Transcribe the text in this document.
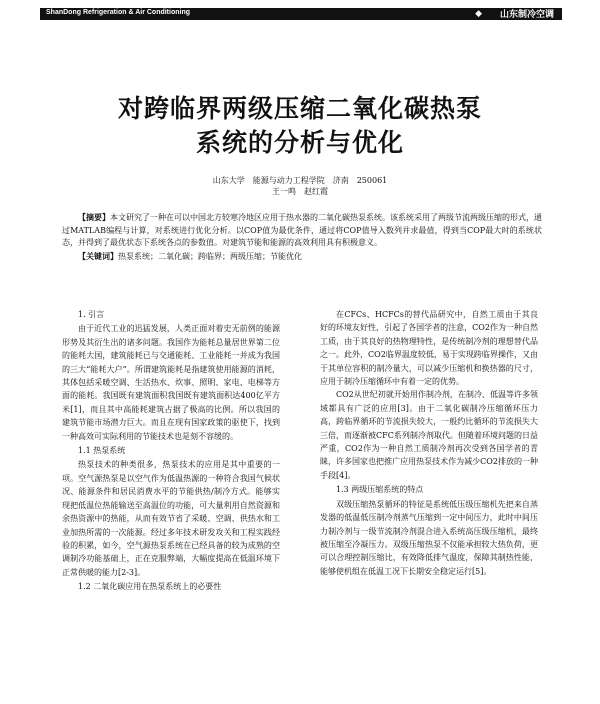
ShanDong Refrigeration & Air Conditioning	◆ 山东制冷空调
对跨临界两级压缩二氧化碳热泵
系统的分析与优化
山东大学　能源与动力工程学院　济南　250061
王一鸣　赵红霞

【摘要】本文研究了一种在可以中国北方较寒冷地区应用于热水器的二氧化碳热泵系统。该系统采用了两级节流两级压缩的形式，通过MATLAB编程与计算，对系统进行优化分析。以COP值为最优条件，通过将COP值导入数列并求最值，得到当COP最大时的系统状态，并得到了最优状态下系统各点的参数值。对建筑节能和能源的高效利用具有积极意义。

【关键词】热泵系统；二氧化碳；跨临界；两级压缩；节能优化

1. 引言

由于近代工业的迅猛发展，人类正面对着史无前例的能源形势及其衍生出的诸多问题。我国作为能耗总量居世界第二位的能耗大国，建筑能耗已与交通能耗、工业能耗一并成为我国的三大“能耗大户”。所谓建筑能耗是指建筑使用能源的消耗，其体包括采暖空调、生活热水、炊事、照明、家电、电梯等方面的能耗。我国既有建筑面积我国既有建筑面积达400亿平方米[1]，而且其中高能耗建筑占据了极高的比例。所以我国的建筑节能市场潜力巨大。而且在现有国家政策的驱使下，找到一种高效可实际利用的节能技术也是刻不容缓的。

1.1 热泵系统

热泵技术的种类很多，热泵技术的应用是其中重要的一项。空气源热泵是以空气作为低温热源的一种符合我国气候状况、能源条件和居民消费水平的节能供热/制冷方式。能够实现把低温位热能输送至高温位的功能，可大量利用自然资源和余热资源中的热能，从而有效节省了采暖、空调、供热水和工业加热所需的一次能源。经过多年技术研发攻关和工程实践经验的积累，如今，空气源热泵系统在已经具备的较为成熟的空调制冷功能基础上，正在克服弊端，大幅度提高在低温环境下正常供暖的能力[2-3]。

1.2 二氧化碳应用在热泵系统上的必要性

在CFCs、HCFCs的替代品研究中，自然工质由于其良好的环境友好性，引起了各国学者的注意，CO2作为一种自然工质，由于其良好的热物理特性，是传统制冷剂的理想替代品之一。此外，CO2临界温度较低，易于实现跨临界操作，又由于其单位容积的制冷量大，可以减少压缩机和换热器的尺寸，应用于制冷压缩循环中有着一定的优势。

CO2从世纪初就开始用作制冷剂，在制冷、低温等许多领域都具有广泛的应用[3]。由于二氧化碳制冷压缩循环压力高，跨临界循环的节流损失较大，一般约比循环的节流损失大三倍，而逐渐被CFC系列制冷剂取代。但随着环境问题的日益严重，CO2作为一种自然工质制冷剂再次受到各国学者的青睐，许多国家也把推广应用热泵技术作为减少CO2排放的一种手段[4]。

1.3 两级压缩系统的特点

双级压缩热泵循环的特征是系统低压级压缩机先把来自蒸发器的低温低压制冷剂蒸气压缩到一定中间压力，此时中间压力制冷剂与一级节流制冷剂混合进入系统高压级压缩机，最终被压缩至冷凝压力。双级压缩热泵不仅能承担较大热负荷，更可以合理控制压缩比，有效降低排气温度，保障其制热性能，能够使机组在低温工况下长期安全稳定运行[5]。
